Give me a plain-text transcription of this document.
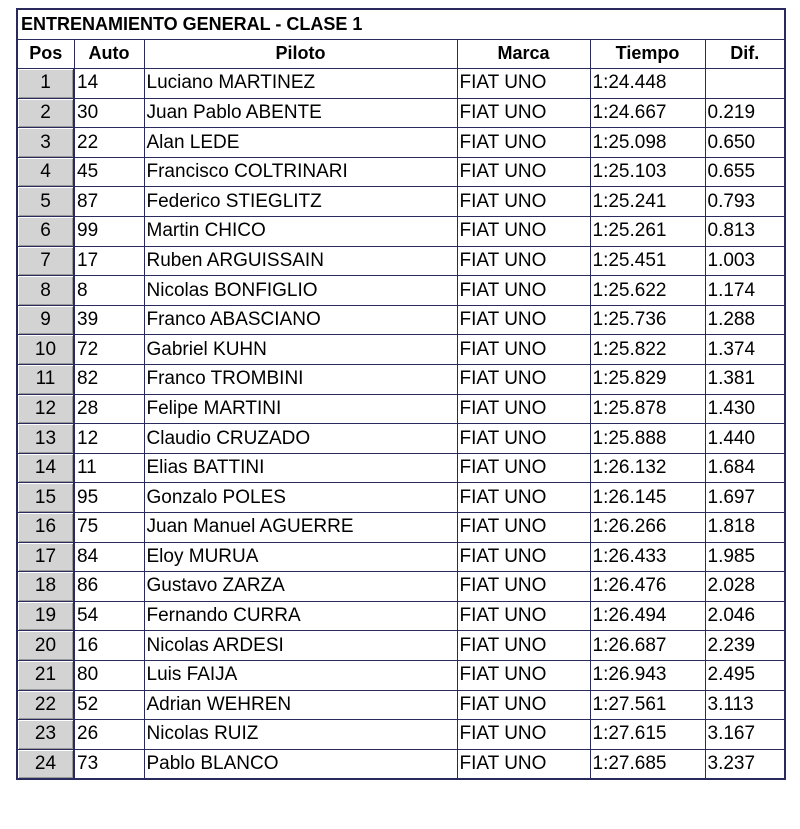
ENTRENAMIENTO GENERAL - CLASE 1					
Pos	Auto	Piloto	Marca	Tiempo	Dif.
1	14	Luciano MARTINEZ	FIAT UNO	1:24.448	
2	30	Juan Pablo ABENTE	FIAT UNO	1:24.667	0.219
3	22	Alan LEDE	FIAT UNO	1:25.098	0.650
4	45	Francisco COLTRINARI	FIAT UNO	1:25.103	0.655
5	87	Federico STIEGLITZ	FIAT UNO	1:25.241	0.793
6	99	Martin CHICO	FIAT UNO	1:25.261	0.813
7	17	Ruben ARGUISSAIN	FIAT UNO	1:25.451	1.003
8	8	Nicolas BONFIGLIO	FIAT UNO	1:25.622	1.174
9	39	Franco ABASCIANO	FIAT UNO	1:25.736	1.288
10	72	Gabriel KUHN	FIAT UNO	1:25.822	1.374
11	82	Franco TROMBINI	FIAT UNO	1:25.829	1.381
12	28	Felipe MARTINI	FIAT UNO	1:25.878	1.430
13	12	Claudio CRUZADO	FIAT UNO	1:25.888	1.440
14	11	Elias BATTINI	FIAT UNO	1:26.132	1.684
15	95	Gonzalo POLES	FIAT UNO	1:26.145	1.697
16	75	Juan Manuel AGUERRE	FIAT UNO	1:26.266	1.818
17	84	Eloy MURUA	FIAT UNO	1:26.433	1.985
18	86	Gustavo ZARZA	FIAT UNO	1:26.476	2.028
19	54	Fernando CURRA	FIAT UNO	1:26.494	2.046
20	16	Nicolas ARDESI	FIAT UNO	1:26.687	2.239
21	80	Luis FAIJA	FIAT UNO	1:26.943	2.495
22	52	Adrian WEHREN	FIAT UNO	1:27.561	3.113
23	26	Nicolas RUIZ	FIAT UNO	1:27.615	3.167
24	73	Pablo BLANCO	FIAT UNO	1:27.685	3.237
